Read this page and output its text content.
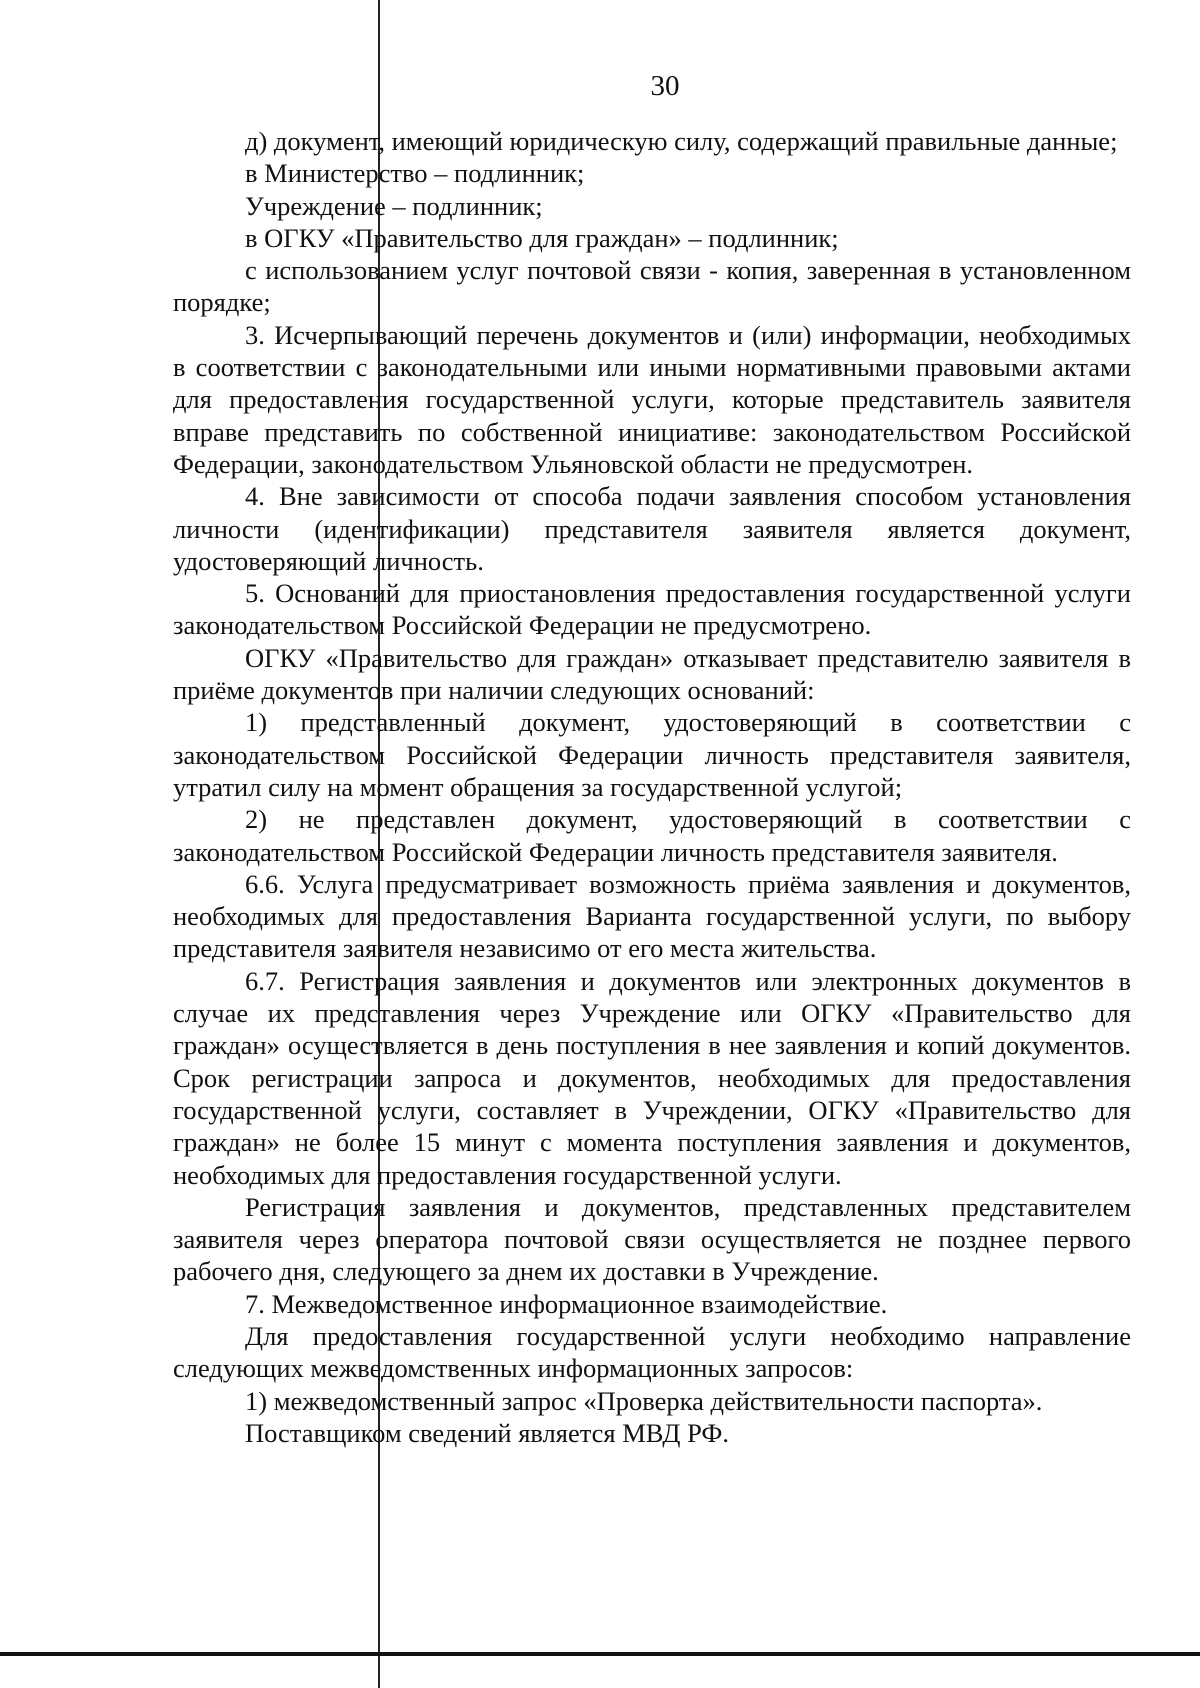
30

д) документ, имеющий юридическую силу, содержащий правильные данные;

в Министерство – подлинник;

Учреждение – подлинник;

в ОГКУ «Правительство для граждан» – подлинник;

с использованием услуг почтовой связи - копия, заверенная в установленном порядке;

3. Исчерпывающий перечень документов и (или) информации, необходимых в соответствии с законодательными или иными нормативными правовыми актами для предоставления государственной услуги, которые представитель заявителя вправе представить по собственной инициативе: законодательством Российской Федерации, законодательством Ульяновской области не предусмотрен.

4. Вне зависимости от способа подачи заявления способом установления личности (идентификации) представителя заявителя является документ, удостоверяющий личность.

5. Оснований для приостановления предоставления государственной услуги законодательством Российской Федерации не предусмотрено.

ОГКУ «Правительство для граждан» отказывает представителю заявителя в приёме документов при наличии следующих оснований:

1) представленный документ, удостоверяющий в соответствии с законодательством Российской Федерации личность представителя заявителя, утратил силу на момент обращения за государственной услугой;

2) не представлен документ, удостоверяющий в соответствии с законодательством Российской Федерации личность представителя заявителя.

6.6. Услуга предусматривает возможность приёма заявления и документов, необходимых для предоставления Варианта государственной услуги, по выбору представителя заявителя независимо от его места жительства.

6.7. Регистрация заявления и документов или электронных документов в случае их представления через Учреждение или ОГКУ «Правительство для граждан» осуществляется в день поступления в нее заявления и копий документов. Срок регистрации запроса и документов, необходимых для предоставления государственной услуги, составляет в Учреждении, ОГКУ «Правительство для граждан» не более 15 минут с момента поступления заявления и документов, необходимых для предоставления государственной услуги.

Регистрация заявления и документов, представленных представителем заявителя через оператора почтовой связи осуществляется не позднее первого рабочего дня, следующего за днем их доставки в Учреждение.

7. Межведомственное информационное взаимодействие.

Для предоставления государственной услуги необходимо направление следующих межведомственных информационных запросов:

1) межведомственный запрос «Проверка действительности паспорта».

Поставщиком сведений является МВД РФ.
